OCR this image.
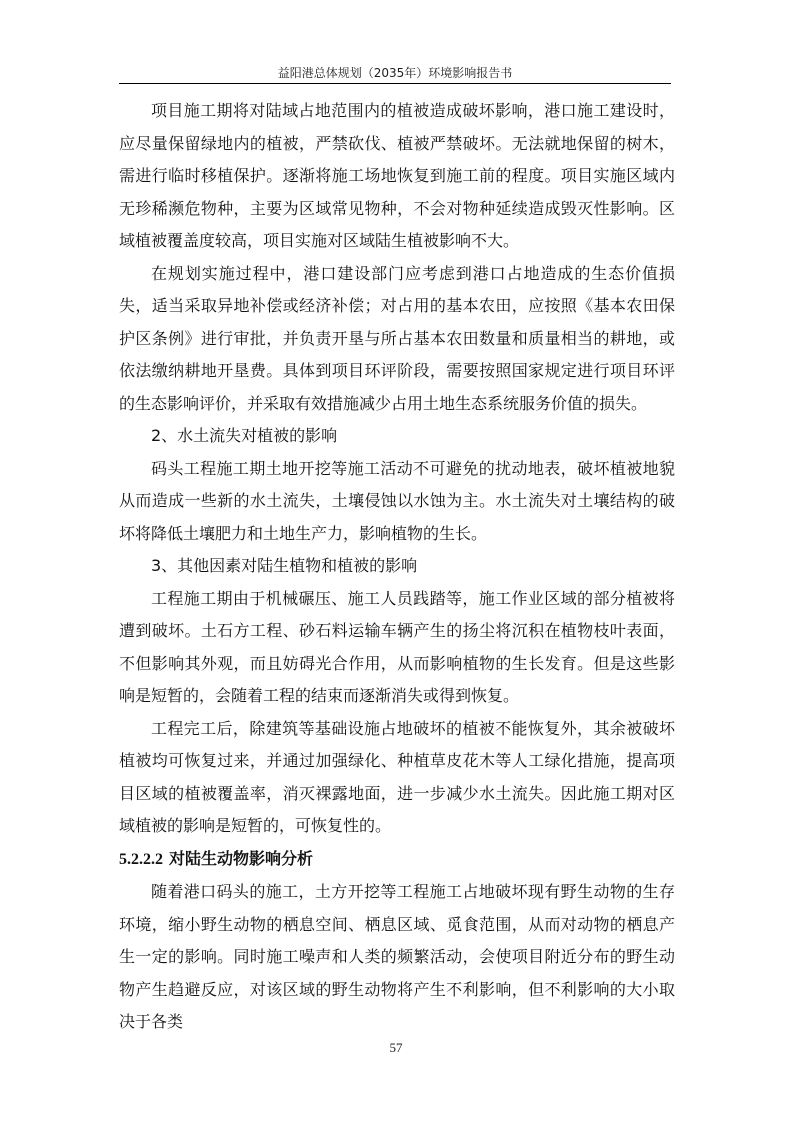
益阳港总体规划（2035年）环境影响报告书

项目施工期将对陆域占地范围内的植被造成破坏影响，港口施工建设时，应尽量保留绿地内的植被，严禁砍伐、植被严禁破坏。无法就地保留的树木，需进行临时移植保护。逐渐将施工场地恢复到施工前的程度。项目实施区域内无珍稀濒危物种，主要为区域常见物种，不会对物种延续造成毁灭性影响。区域植被覆盖度较高，项目实施对区域陆生植被影响不大。

在规划实施过程中，港口建设部门应考虑到港口占地造成的生态价值损失，适当采取异地补偿或经济补偿；对占用的基本农田，应按照《基本农田保护区条例》进行审批，并负责开垦与所占基本农田数量和质量相当的耕地，或依法缴纳耕地开垦费。具体到项目环评阶段，需要按照国家规定进行项目环评的生态影响评价，并采取有效措施减少占用土地生态系统服务价值的损失。

2、水土流失对植被的影响

码头工程施工期土地开挖等施工活动不可避免的扰动地表，破坏植被地貌从而造成一些新的水土流失，土壤侵蚀以水蚀为主。水土流失对土壤结构的破坏将降低土壤肥力和土地生产力，影响植物的生长。

3、其他因素对陆生植物和植被的影响

工程施工期由于机械碾压、施工人员践踏等，施工作业区域的部分植被将遭到破坏。土石方工程、砂石料运输车辆产生的扬尘将沉积在植物枝叶表面，不但影响其外观，而且妨碍光合作用，从而影响植物的生长发育。但是这些影响是短暂的，会随着工程的结束而逐渐消失或得到恢复。

工程完工后，除建筑等基础设施占地破坏的植被不能恢复外，其余被破坏植被均可恢复过来，并通过加强绿化、种植草皮花木等人工绿化措施，提高项目区域的植被覆盖率，消灭裸露地面，进一步减少水土流失。因此施工期对区域植被的影响是短暂的，可恢复性的。

5.2.2.2 对陆生动物影响分析

随着港口码头的施工，土方开挖等工程施工占地破坏现有野生动物的生存环境，缩小野生动物的栖息空间、栖息区域、觅食范围，从而对动物的栖息产生一定的影响。同时施工噪声和人类的频繁活动，会使项目附近分布的野生动物产生趋避反应，对该区域的野生动物将产生不利影响，但不利影响的大小取决于各类

57
